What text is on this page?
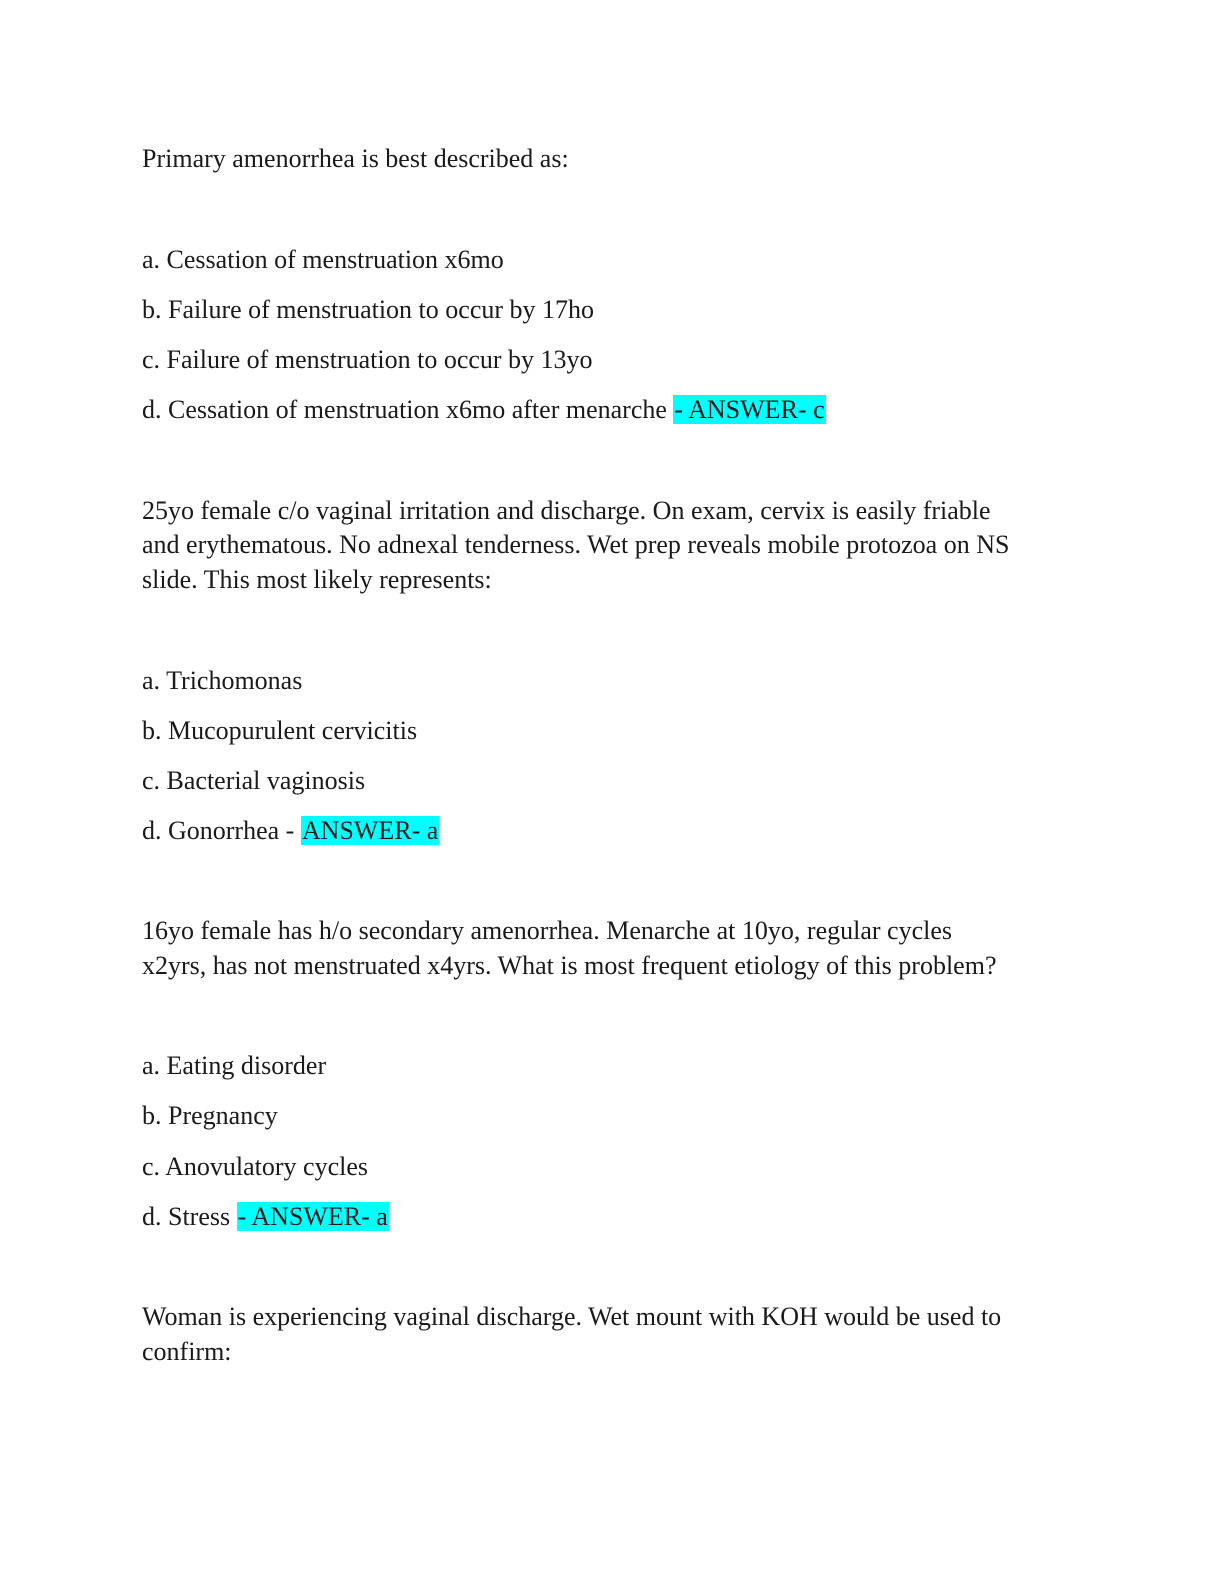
Primary amenorrhea is best described as:

a. Cessation of menstruation x6mo

b. Failure of menstruation to occur by 17ho

c. Failure of menstruation to occur by 13yo

d. Cessation of menstruation x6mo after menarche - ANSWER- c

25yo female c/o vaginal irritation and discharge. On exam, cervix is easily friable

and erythematous. No adnexal tenderness. Wet prep reveals mobile protozoa on NS

slide. This most likely represents:

a. Trichomonas

b. Mucopurulent cervicitis

c. Bacterial vaginosis

d. Gonorrhea - ANSWER- a

16yo female has h/o secondary amenorrhea. Menarche at 10yo, regular cycles

x2yrs, has not menstruated x4yrs. What is most frequent etiology of this problem?

a. Eating disorder

b. Pregnancy

c. Anovulatory cycles

d. Stress - ANSWER- a

Woman is experiencing vaginal discharge. Wet mount with KOH would be used to

confirm:
